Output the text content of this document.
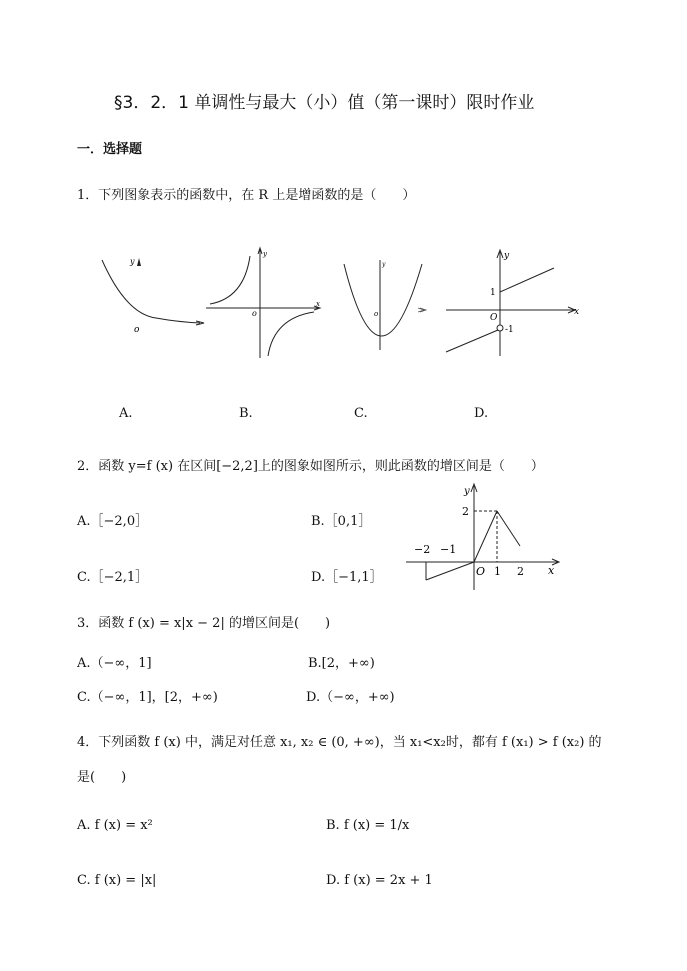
§3．2．1 单调性与最大（小）值（第一课时）限时作业
一．选择题
1．下列图象表示的函数中，在 R 上是增函数的是（　　）
y
o
y
x
o
y
o
y
x
1
O
-1
A.	B.	C.	D.
2．函数 y=f (x) 在区间[−2,2]上的图象如图所示，则此函数的增区间是（　　）
A.［−2,0］	B.［0,1］
C.［−2,1］	D.［−1,1］
y
2
−2 −1
O 1 2 x
3．函数 f (x) = x|x − 2| 的增区间是(　　)
A.（−∞，1]	B.[2，+∞)
C.（−∞，1]，[2，+∞)	D.（−∞，+∞)
4．下列函数 f (x) 中，满足对任意 x₁, x₂ ∈ (0, +∞)，当 x₁<x₂时，都有 f (x₁) > f (x₂) 的
是(　　)
A. f (x) = x²	B. f (x) = 1/x
C. f (x) = |x|	D. f (x) = 2x + 1
